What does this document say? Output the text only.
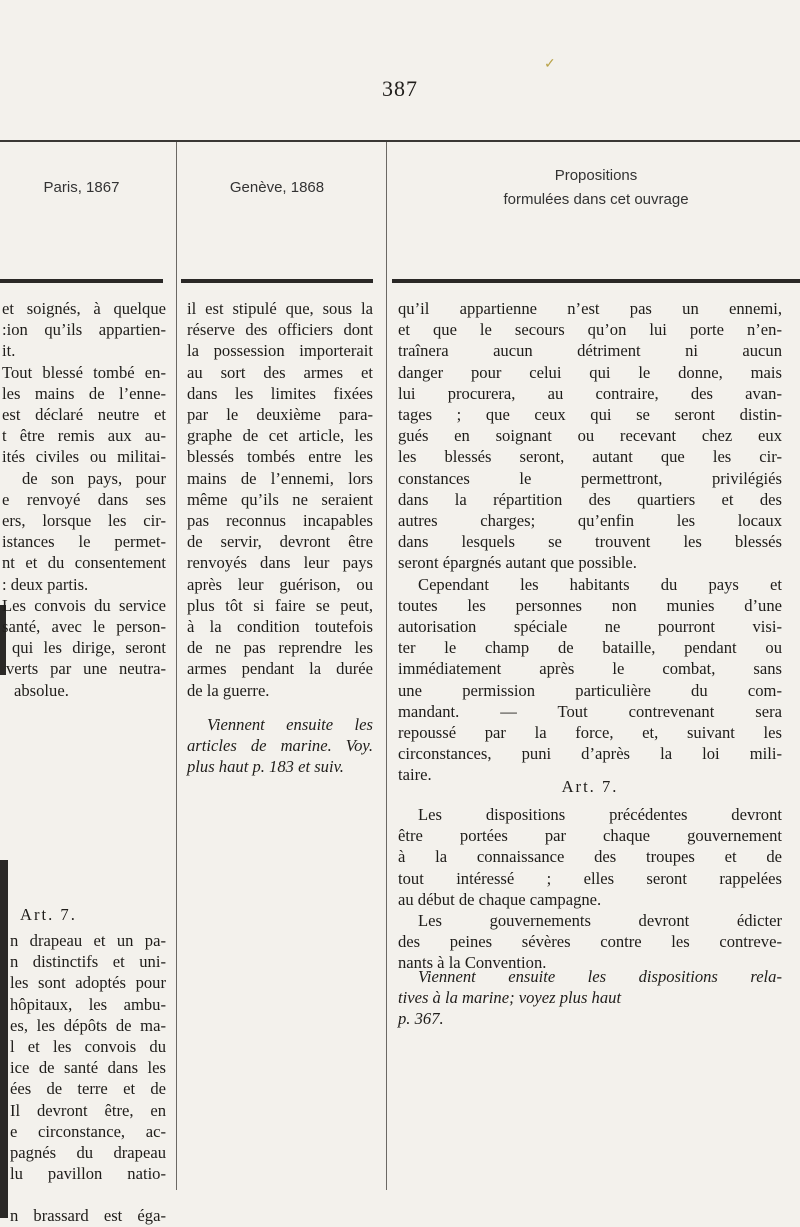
387
✓
Paris, 1867	Genève, 1868
Propositions
formulées dans cet ouvrage

et soignés, à quelque

:ion qu’ils appartien-

it.

Tout blessé tombé en-

les mains de l’enne-

est déclaré neutre et

t être remis aux au-

ités civiles ou militai-

de son pays, pour

e renvoyé dans ses

ers, lorsque les cir-

istances le permet-

nt et du consentement

: deux partis.

Les convois du service

santé, avec le person-

qui les dirige, seront

verts par une neutra-

absolue.

Art. 7.

n drapeau et un pa-

n distinctifs et uni-

les sont adoptés pour

hôpitaux, les ambu-

es, les dépôts de ma-

l et les convois du

ice de santé dans les

ées de terre et de

Il devront être, en

e circonstance, ac-

pagnés du drapeau

lu pavillon natio-

n brassard est éga-

il est stipulé que, sous la

réserve des officiers dont

la possession importerait

au sort des armes et

dans les limites fixées

par le deuxième para-

graphe de cet article, les

blessés tombés entre les

mains de l’ennemi, lors

même qu’ils ne seraient

pas reconnus incapables

de servir, devront être

renvoyés dans leur pays

après leur guérison, ou

plus tôt si faire se peut,

à la condition toutefois

de ne pas reprendre les

armes pendant la durée

de la guerre.

Viennent ensuite les

articles de marine. Voy.

plus haut p. 183 et suiv.

qu’il appartienne n’est pas un ennemi,

et que le secours qu’on lui porte n’en-

traînera aucun détriment ni aucun

danger pour celui qui le donne, mais

lui procurera, au contraire, des avan-

tages ; que ceux qui se seront distin-

gués en soignant ou recevant chez eux

les blessés seront, autant que les cir-

constances le permettront, privilégiés

dans la répartition des quartiers et des

autres charges; qu’enfin les locaux

dans lesquels se trouvent les blessés

seront épargnés autant que possible.

Cependant les habitants du pays et

toutes les personnes non munies d’une

autorisation spéciale ne pourront visi-

ter le champ de bataille, pendant ou

immédiatement après le combat, sans

une permission particulière du com-

mandant. — Tout contrevenant sera

repoussé par la force, et, suivant les

circonstances, puni d’après la loi mili-

taire.

Art. 7.

Les dispositions précédentes devront

être portées par chaque gouvernement

à la connaissance des troupes et de

tout intéressé ; elles seront rappelées

au début de chaque campagne.

Les gouvernements devront édicter

des peines sévères contre les contreve-

nants à la Convention.

Viennent ensuite les dispositions rela-

tives à la marine; voyez plus haut

p. 367.
